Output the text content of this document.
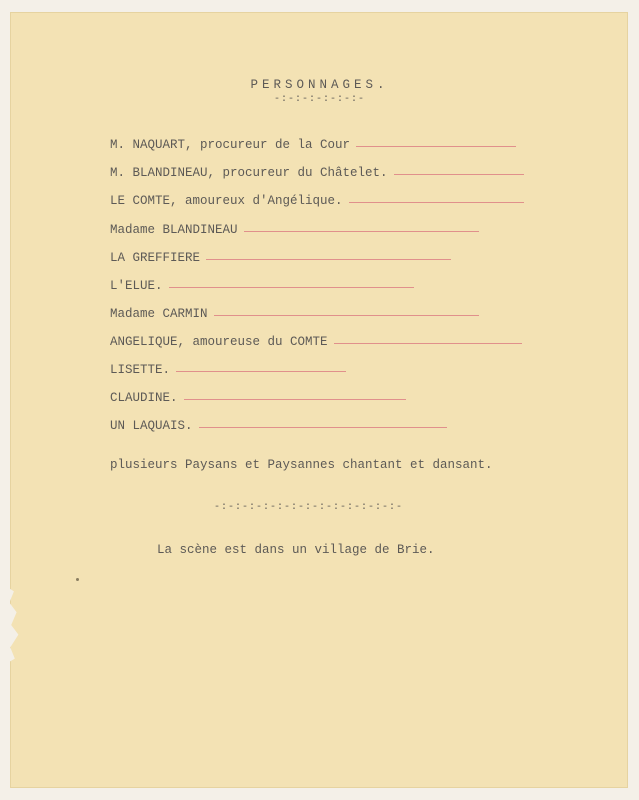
PERSONNAGES.
-:-:-:-:-:-:-
M. NAQUART, procureur de la Cour
M. BLANDINEAU, procureur du Châtelet.
LE COMTE, amoureux d'Angélique.
Madame BLANDINEAU
LA GREFFIERE
L'ELUE.
Madame CARMIN
ANGELIQUE, amoureuse du COMTE
LISETTE.
CLAUDINE.
UN LAQUAIS.
plusieurs Paysans et Paysannes chantant et dansant.
-:-:-:-:-:-:-:-:-:-:-:-:-:-
La scène est dans un village de Brie.
